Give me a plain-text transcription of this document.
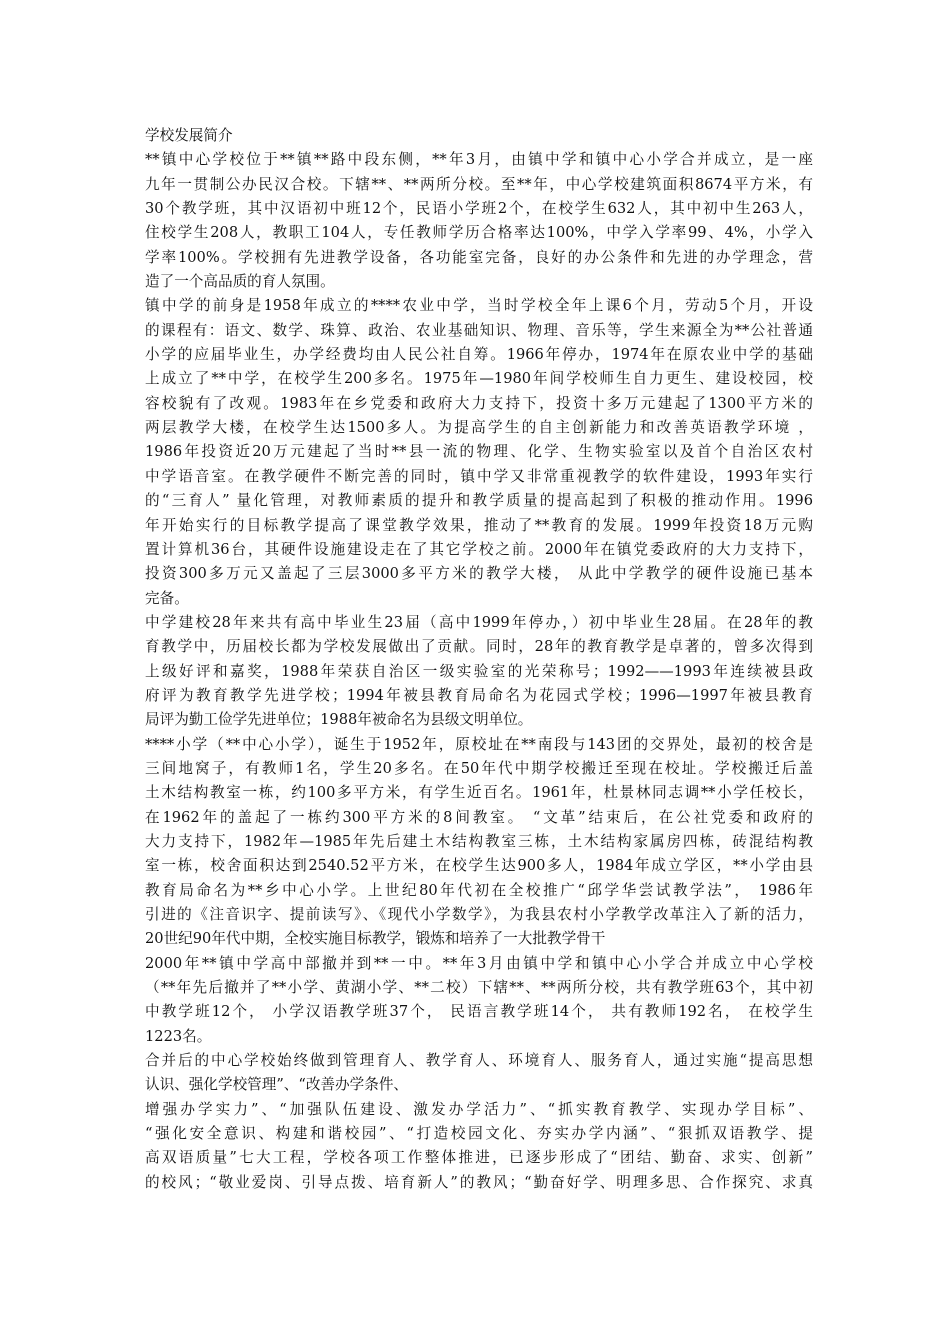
学校发展简介
**镇中心学校位于**镇**路中段东侧，**年3月，由镇中学和镇中心小学合并成立，是一座
九年一贯制公办民汉合校。下辖**、**两所分校。至**年，中心学校建筑面积8674平方米，有
30个教学班，其中汉语初中班12个，民语小学班2个，在校学生632人，其中初中生263人，
住校学生208人，教职工104人，专任教师学历合格率达100%，中学入学率99、4%，小学入
学率100%。学校拥有先进教学设备，各功能室完备，良好的办公条件和先进的办学理念，营
造了一个高品质的育人氛围。
镇中学的前身是1958年成立的****农业中学，当时学校全年上课6个月，劳动5个月，开设
的课程有：语文、数学、珠算、政治、农业基础知识、物理、音乐等，学生来源全为**公社普通
小学的应届毕业生，办学经费均由人民公社自筹。1966年停办，1974年在原农业中学的基础
上成立了**中学，在校学生200多名。1975年—1980年间学校师生自力更生、建设校园，校
容校貌有了改观。1983年在乡党委和政府大力支持下，投资十多万元建起了1300平方米的
两层教学大楼，在校学生达1500多人。为提高学生的自主创新能力和改善英语教学环境 ，
1986年投资近20万元建起了当时**县一流的物理、化学、生物实验室以及首个自治区农村
中学语音室。在教学硬件不断完善的同时，镇中学又非常重视教学的软件建设，1993年实行
的“三育人” 量化管理，对教师素质的提升和教学质量的提高起到了积极的推动作用。1996
年开始实行的目标教学提高了课堂教学效果，推动了**教育的发展。1999年投资18万元购
置计算机36台，其硬件设施建设走在了其它学校之前。2000年在镇党委政府的大力支持下，
投资300多万元又盖起了三层3000多平方米的教学大楼， 从此中学教学的硬件设施已基本
完备。
中学建校28年来共有高中毕业生23届（高中1999年停办，）初中毕业生28届。在28年的教
育教学中，历届校长都为学校发展做出了贡献。同时，28年的教育教学是卓著的，曾多次得到
上级好评和嘉奖，1988年荣获自治区一级实验室的光荣称号；1992——1993年连续被县政
府评为教育教学先进学校；1994年被县教育局命名为花园式学校；1996—1997年被县教育
局评为勤工俭学先进单位；1988年被命名为县级文明单位。
****小学（**中心小学），诞生于1952年，原校址在**南段与143团的交界处，最初的校舍是
三间地窝子，有教师1名，学生20多名。在50年代中期学校搬迁至现在校址。学校搬迁后盖
土木结构教室一栋，约100多平方米，有学生近百名。1961年，杜景林同志调**小学任校长，
在1962年的盖起了一栋约300平方米的8间教室。 “文革”结束后，在公社党委和政府的
大力支持下，1982年—1985年先后建土木结构教室三栋，土木结构家属房四栋，砖混结构教
室一栋，校舍面积达到2540.52平方米，在校学生达900多人，1984年成立学区，**小学由县
教育局命名为**乡中心小学。上世纪80年代初在全校推广“邱学华尝试教学法”， 1986年
引进的《注音识字、提前读写》、《现代小学数学》，为我县农村小学教学改革注入了新的活力，
20世纪90年代中期，全校实施目标教学，锻炼和培养了一大批教学骨干
2000年**镇中学高中部撤并到**一中。**年3月由镇中学和镇中心小学合并成立中心学校
（**年先后撤并了**小学、黄湖小学、**二校）下辖**、**两所分校，共有教学班63个，其中初
中教学班12个， 小学汉语教学班37个， 民语言教学班14个， 共有教师192名， 在校学生
1223名。
合并后的中心学校始终做到管理育人、教学育人、环境育人、服务育人，通过实施“提高思想
认识、强化学校管理”、“改善办学条件、
增强办学实力”、“加强队伍建设、激发办学活力”、“抓实教育教学、实现办学目标”、
“强化安全意识、构建和谐校园”、“打造校园文化、夯实办学内涵”、“狠抓双语教学、提
高双语质量”七大工程，学校各项工作整体推进，已逐步形成了“团结、勤奋、求实、创新”
的校风；“敬业爱岗、引导点拨、培育新人”的教风；“勤奋好学、明理多思、合作探究、求真
